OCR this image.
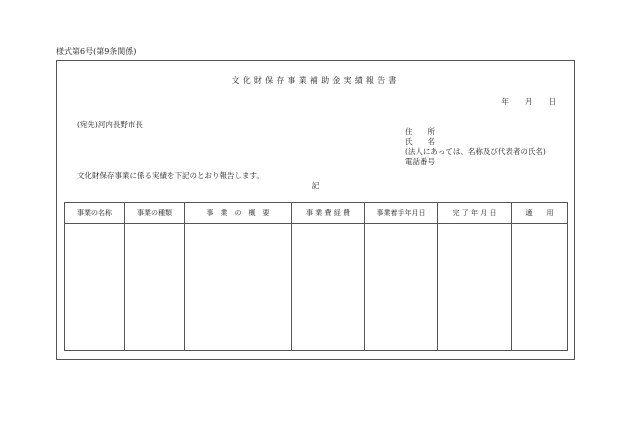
様式第6号(第9条関係)
文化財保存事業補助金実績報告書
年 月 日
(宛先)河内長野市長
住　　所
氏　　名
(法人にあっては、名称及び代表者の氏名)
電話番号
文化財保存事業に係る実績を下記のとおり報告します。
記
事業の名称	事業の種類	事　業　の　概　要	事 業 費 経 費	事業着手年月日	完 了 年 月 日	適　　用
